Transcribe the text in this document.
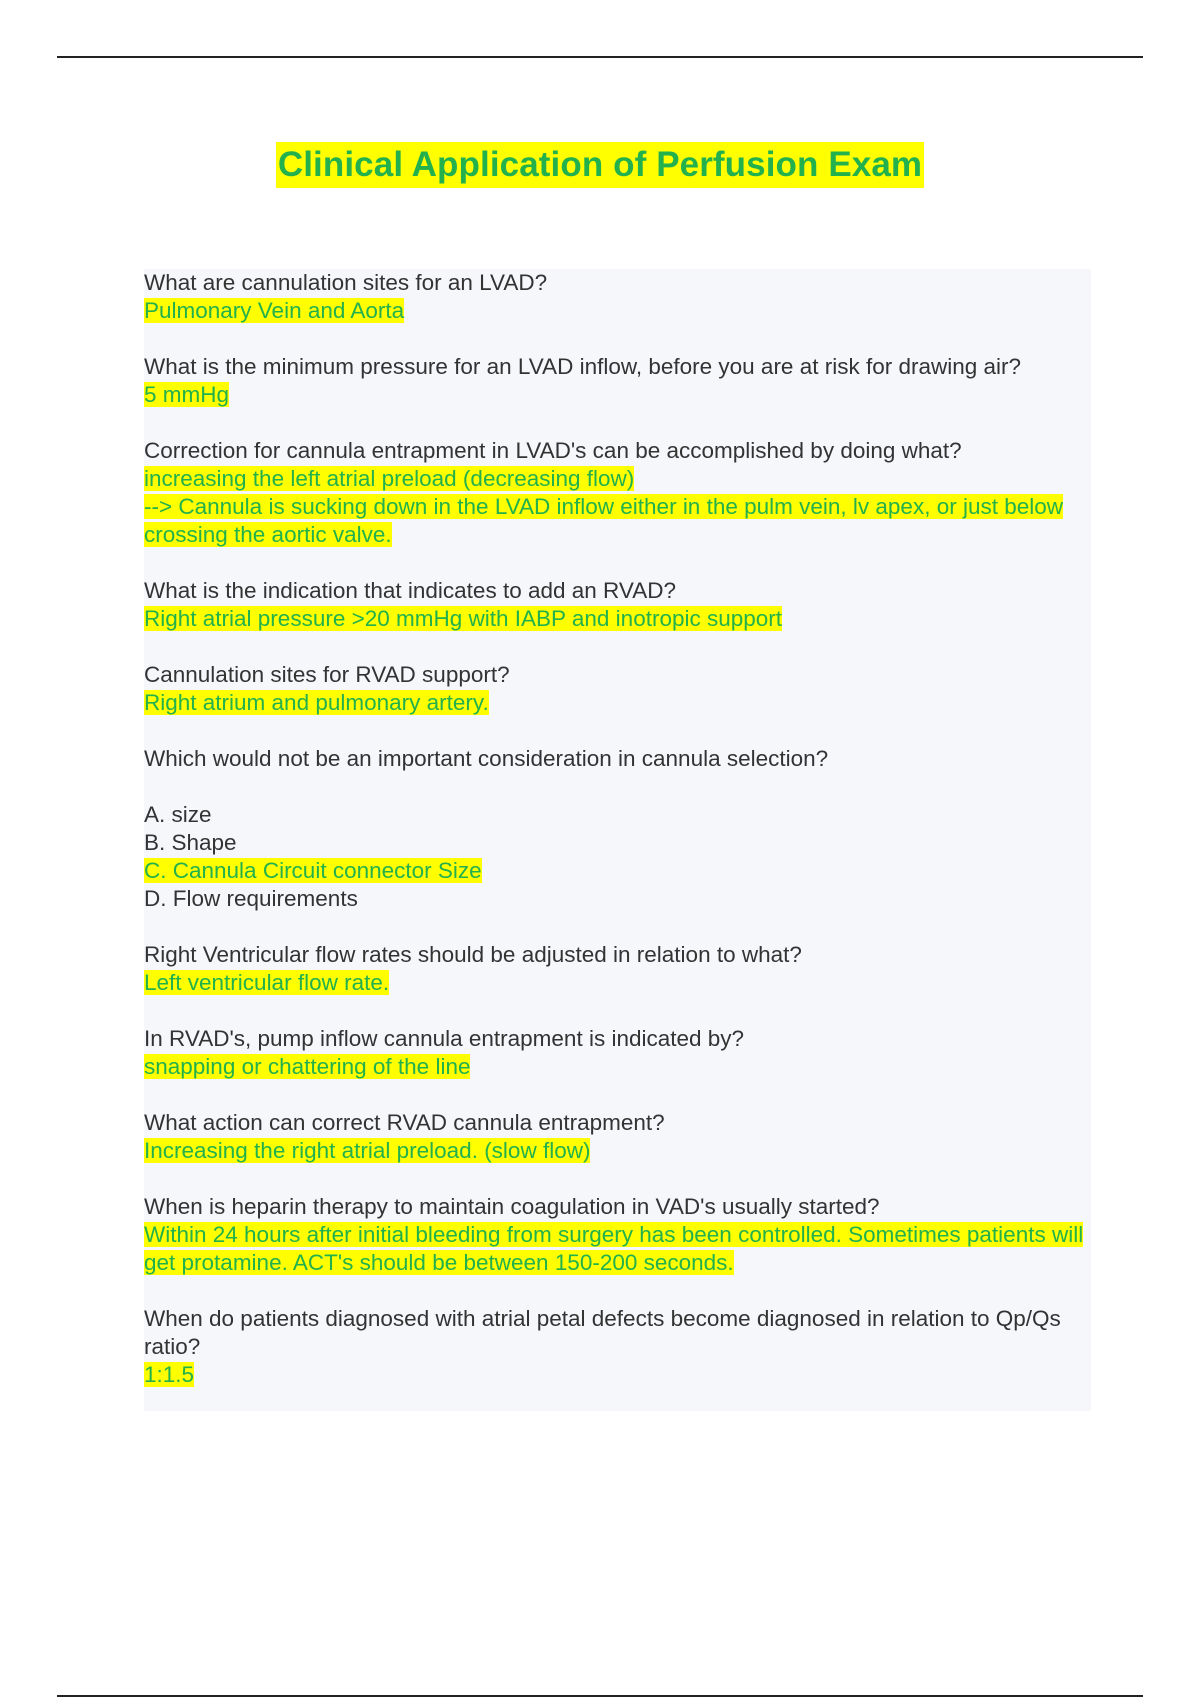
Clinical Application of Perfusion Exam
What are cannulation sites for an LVAD?
Pulmonary Vein and Aorta
What is the minimum pressure for an LVAD inflow, before you are at risk for drawing air?
5 mmHg
Correction for cannula entrapment in LVAD's can be accomplished by doing what?
increasing the left atrial preload (decreasing flow)
--> Cannula is sucking down in the LVAD inflow either in the pulm vein, lv apex, or just below crossing the aortic valve.
What is the indication that indicates to add an RVAD?
Right atrial pressure >20 mmHg with IABP and inotropic support
Cannulation sites for RVAD support?
Right atrium and pulmonary artery.
Which would not be an important consideration in cannula selection?
A. size
B. Shape
C. Cannula Circuit connector Size
D. Flow requirements
Right Ventricular flow rates should be adjusted in relation to what?
Left ventricular flow rate.
In RVAD's, pump inflow cannula entrapment is indicated by?
snapping or chattering of the line
What action can correct RVAD cannula entrapment?
Increasing the right atrial preload. (slow flow)
When is heparin therapy to maintain coagulation in VAD's usually started?
Within 24 hours after initial bleeding from surgery has been controlled. Sometimes patients will get protamine. ACT's should be between 150-200 seconds.
When do patients diagnosed with atrial petal defects become diagnosed in relation to Qp/Qs ratio?
1:1.5
